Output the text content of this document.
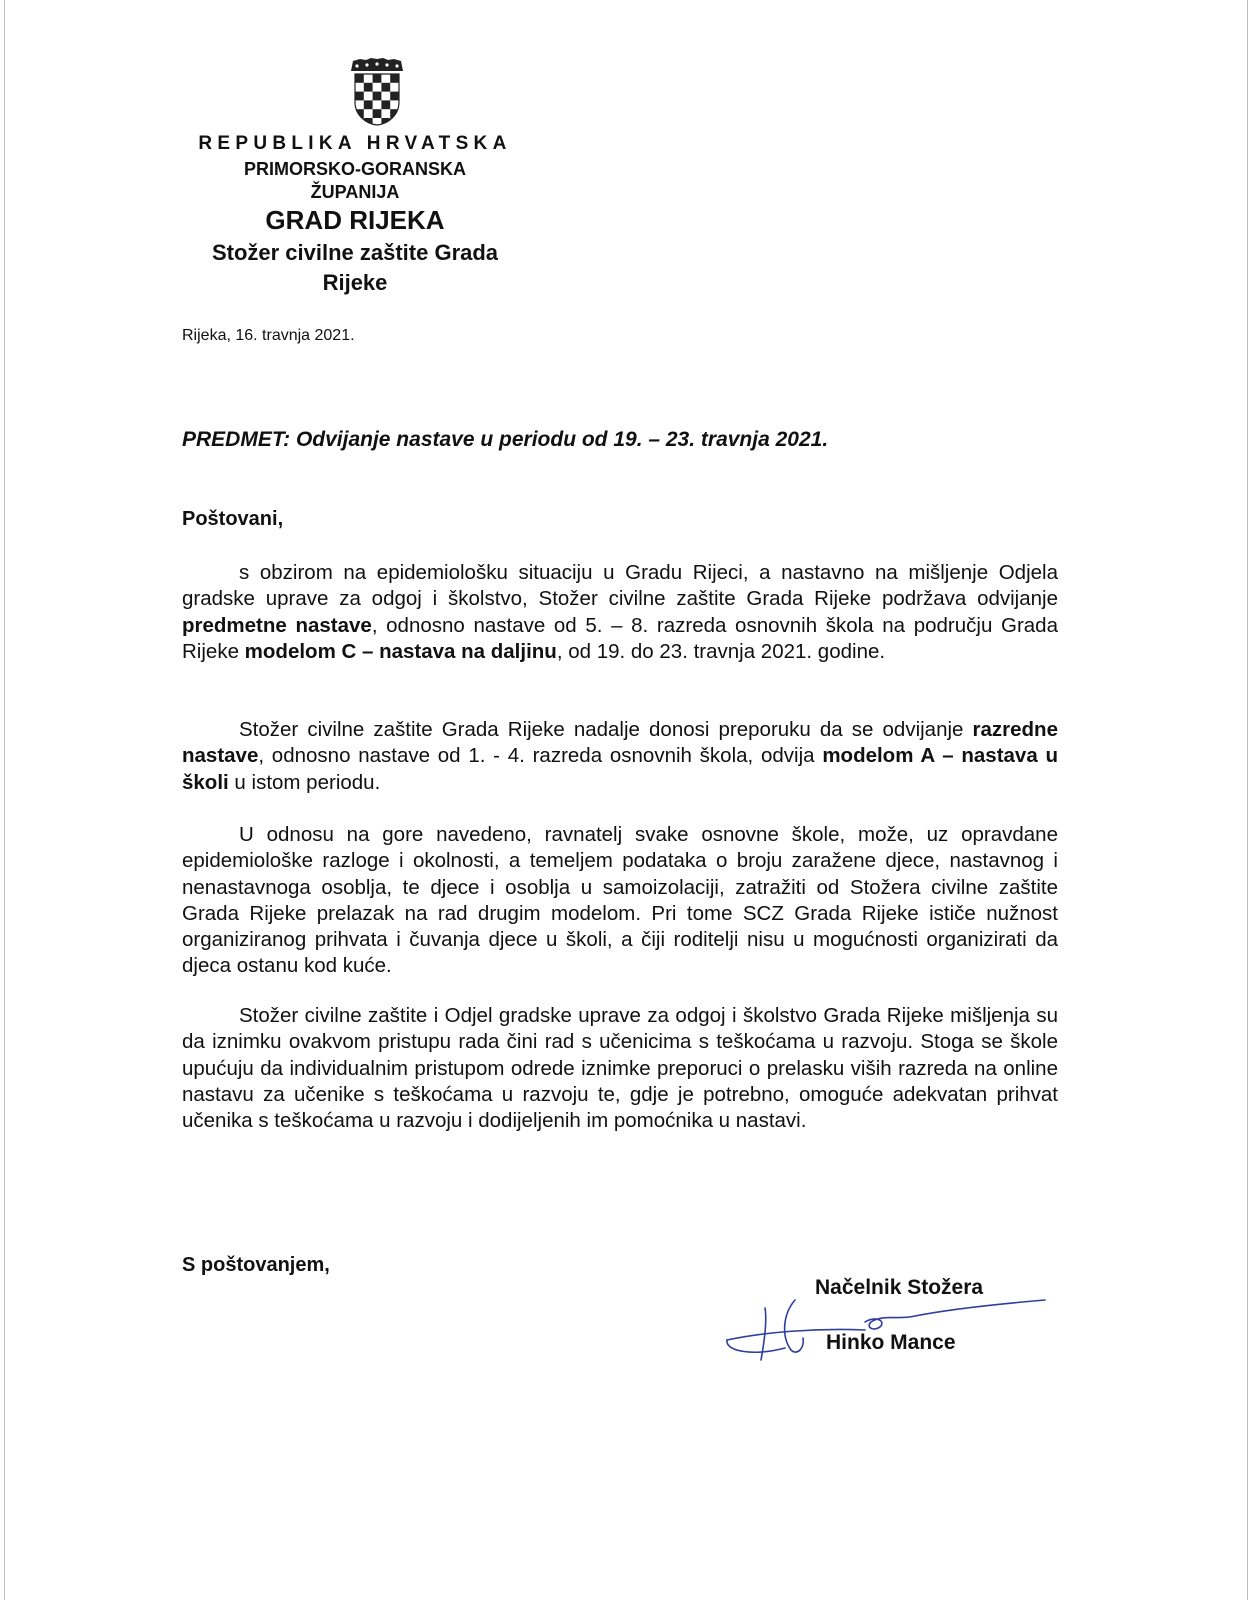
REPUBLIKA HRVATSKA
PRIMORSKO-GORANSKA
ŽUPANIJA
GRAD RIJEKA
Stožer civilne zaštite Grada
Rijeke
Rijeka, 16. travnja 2021.
PREDMET: Odvijanje nastave u periodu od 19. – 23. travnja 2021.
Poštovani,

s obzirom na epidemiološku situaciju u Gradu Rijeci, a nastavno na mišljenje Odjela gradske uprave za odgoj i školstvo, Stožer civilne zaštite Grada Rijeke podržava odvijanje predmetne nastave, odnosno nastave od 5. – 8. razreda osnovnih škola na području Grada Rijeke modelom C – nastava na daljinu, od 19. do 23. travnja 2021. godine.

Stožer civilne zaštite Grada Rijeke nadalje donosi preporuku da se odvijanje razredne nastave, odnosno nastave od 1. - 4. razreda osnovnih škola, odvija modelom A – nastava u školi u istom periodu.

U odnosu na gore navedeno, ravnatelj svake osnovne škole, može, uz opravdane epidemiološke razloge i okolnosti, a temeljem podataka o broju zaražene djece, nastavnog i nenastavnoga osoblja, te djece i osoblja u samoizolaciji, zatražiti od Stožera civilne zaštite Grada Rijeke prelazak na rad drugim modelom. Pri tome SCZ Grada Rijeke ističe nužnost organiziranog prihvata i čuvanja djece u školi, a čiji roditelji nisu u mogućnosti organizirati da djeca ostanu kod kuće.

Stožer civilne zaštite i Odjel gradske uprave za odgoj i školstvo Grada Rijeke mišljenja su da iznimku ovakvom pristupu rada čini rad s učenicima s teškoćama u razvoju. Stoga se škole upućuju da individualnim pristupom odrede iznimke preporuci o prelasku viših razreda na online nastavu za učenike s teškoćama u razvoju te, gdje je potrebno, omoguće adekvatan prihvat učenika s teškoćama u razvoju i dodijeljenih im pomoćnika u nastavi.

S poštovanjem,
Načelnik Stožera
Hinko Mance
